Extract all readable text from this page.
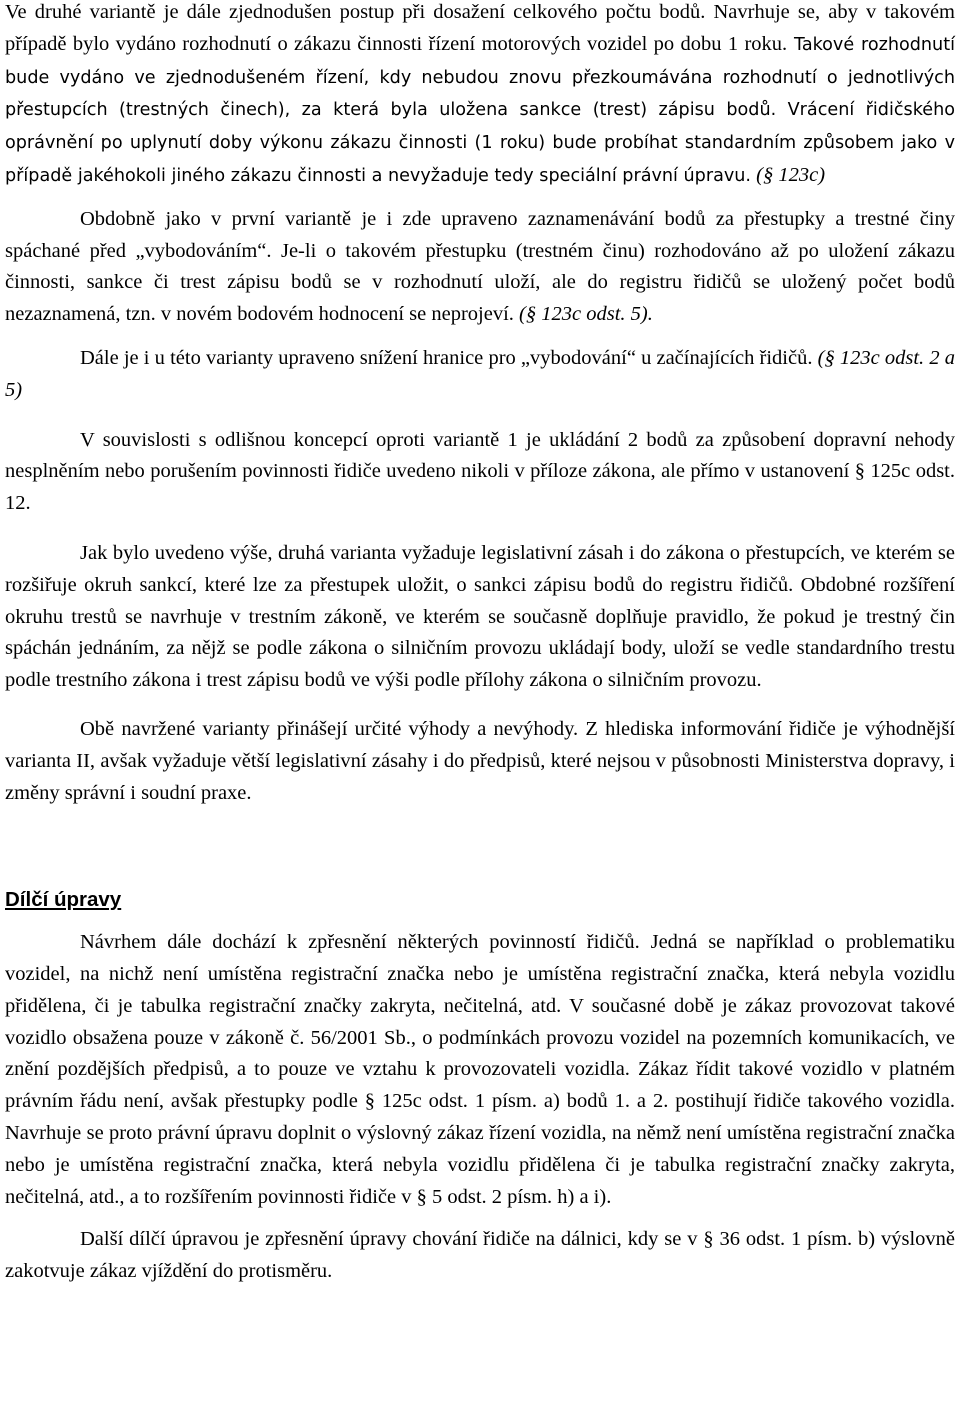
Ve druhé variantě je dále zjednodušen postup při dosažení celkového počtu bodů. Navrhuje se, aby v takovém případě bylo vydáno rozhodnutí o zákazu činnosti řízení motorových vozidel po dobu 1 roku. Takové rozhodnutí bude vydáno ve zjednodušeném řízení, kdy nebudou znovu přezkoumávána rozhodnutí o jednotlivých přestupcích (trestných činech), za která byla uložena sankce (trest) zápisu bodů. Vrácení řidičského oprávnění po uplynutí doby výkonu zákazu činnosti (1 roku) bude probíhat standardním způsobem jako v případě jakéhokoli jiného zákazu činnosti a nevyžaduje tedy speciální právní úpravu. (§ 123c)

Obdobně jako v první variantě je i zde upraveno zaznamenávání bodů za přestupky a trestné činy spáchané před „vybodováním“. Je-li o takovém přestupku (trestném činu) rozhodováno až po uložení zákazu činnosti, sankce či trest zápisu bodů se v rozhodnutí uloží, ale do registru řidičů se uložený počet bodů nezaznamená, tzn. v novém bodovém hodnocení se neprojeví. (§ 123c odst. 5).

Dále je i u této varianty upraveno snížení hranice pro „vybodování“ u začínajících řidičů. (§ 123c odst. 2 a 5)

V souvislosti s odlišnou koncepcí oproti variantě 1 je ukládání 2 bodů za způsobení dopravní nehody nesplněním nebo porušením povinnosti řidiče uvedeno nikoli v příloze zákona, ale přímo v ustanovení § 125c odst. 12.

Jak bylo uvedeno výše, druhá varianta vyžaduje legislativní zásah i do zákona o přestupcích, ve kterém se rozšiřuje okruh sankcí, které lze za přestupek uložit, o sankci zápisu bodů do registru řidičů. Obdobné rozšíření okruhu trestů se navrhuje v trestním zákoně, ve kterém se současně doplňuje pravidlo, že pokud je trestný čin spáchán jednáním, za nějž se podle zákona o silničním provozu ukládají body, uloží se vedle standardního trestu podle trestního zákona i trest zápisu bodů ve výši podle přílohy zákona o silničním provozu.

Obě navržené varianty přinášejí určité výhody a nevýhody. Z hlediska informování řidiče je výhodnější varianta II, avšak vyžaduje větší legislativní zásahy i do předpisů, které nejsou v působnosti Ministerstva dopravy, i změny správní i soudní praxe.

Dílčí úpravy

Návrhem dále dochází k zpřesnění některých povinností řidičů. Jedná se například o problematiku vozidel, na nichž není umístěna registrační značka nebo je umístěna registrační značka, která nebyla vozidlu přidělena, či je tabulka registrační značky zakryta, nečitelná, atd. V současné době je zákaz provozovat takové vozidlo obsažena pouze v zákoně č. 56/2001 Sb., o podmínkách provozu vozidel na pozemních komunikacích, ve znění pozdějších předpisů, a to pouze ve vztahu k provozovateli vozidla. Zákaz řídit takové vozidlo v platném právním řádu není, avšak přestupky podle § 125c odst. 1 písm. a) bodů 1. a 2. postihují řidiče takového vozidla. Navrhuje se proto právní úpravu doplnit o výslovný zákaz řízení vozidla, na němž není umístěna registrační značka nebo je umístěna registrační značka, která nebyla vozidlu přidělena či je tabulka registrační značky zakryta, nečitelná, atd., a to rozšířením povinnosti řidiče v § 5 odst. 2 písm. h) a i).

Další dílčí úpravou je zpřesnění úpravy chování řidiče na dálnici, kdy se v § 36 odst. 1 písm. b) výslovně zakotvuje zákaz vjíždění do protisměru.
